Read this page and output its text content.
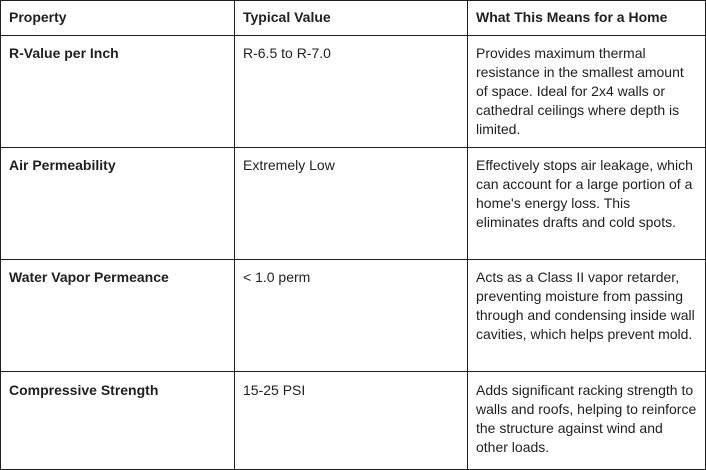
Property	Typical Value	What This Means for a Home
R-Value per Inch	R-6.5 to R-7.0	Provides maximum thermal resistance in the smallest amount of space. Ideal for 2x4 walls or cathedral ceilings where depth is limited.
Air Permeability	Extremely Low	Effectively stops air leakage, which can account for a large portion of a home's energy loss. This eliminates drafts and cold spots.
Water Vapor Permeance	< 1.0 perm	Acts as a Class II vapor retarder, preventing moisture from passing through and condensing inside wall cavities, which helps prevent mold.
Compressive Strength	15-25 PSI	Adds significant racking strength to walls and roofs, helping to reinforce the structure against wind and other loads.
